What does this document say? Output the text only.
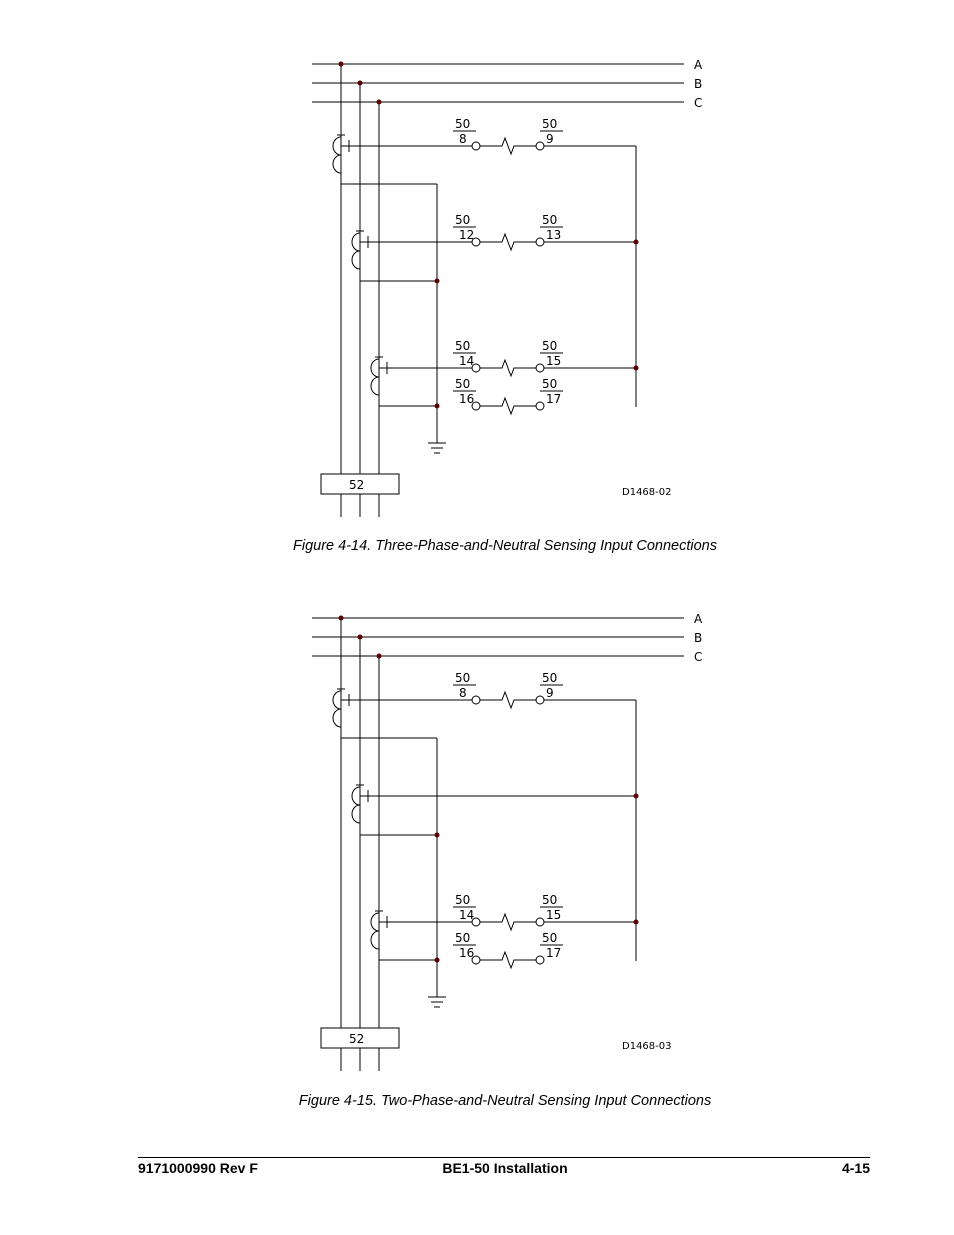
A
B
C
50
8
50
9
50
12
50
13
50
14
50
15
50
16
50
17
52
D1468-02
Figure 4-14. Three-Phase-and-Neutral Sensing Input Connections
A
B
C
50
8
50
9
50
14
50
15
50
16
50
17
52
D1468-03
Figure 4-15. Two-Phase-and-Neutral Sensing Input Connections
9171000990 Rev F	BE1-50 Installation	4-15
